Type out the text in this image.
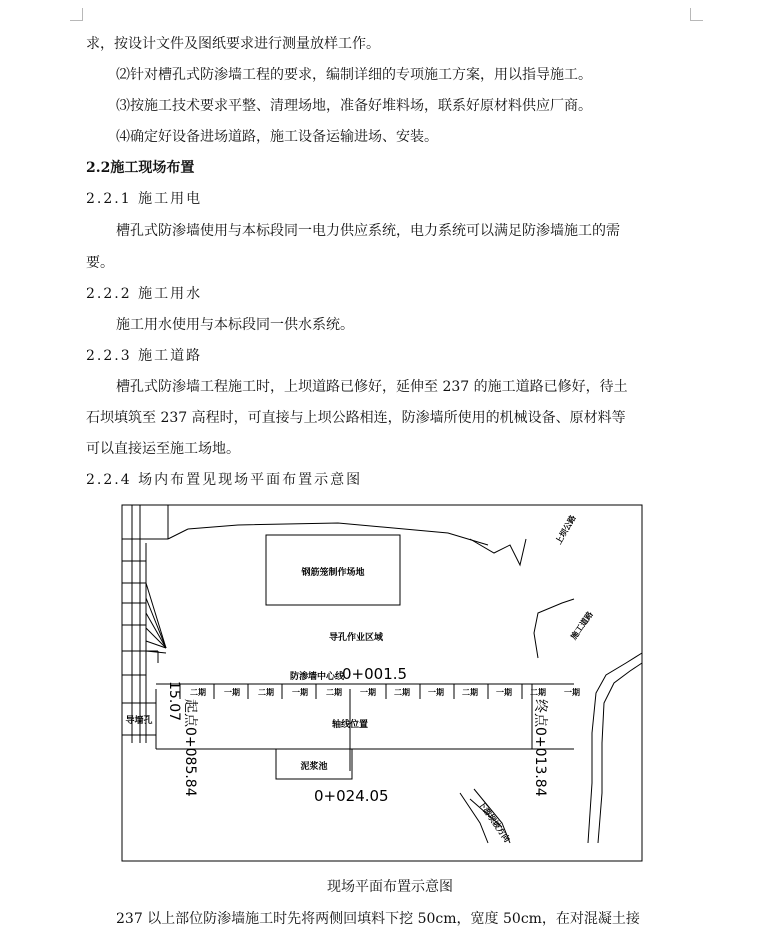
求，按设计文件及图纸要求进行测量放样工作。
⑵针对槽孔式防渗墙工程的要求，编制详细的专项施工方案，用以指导施工。
⑶按施工技术要求平整、清理场地，准备好堆料场，联系好原材料供应厂商。
⑷确定好设备进场道路，施工设备运输进场、安装。
2.2施工现场布置
2.2.1 施工用电
槽孔式防渗墙使用与本标段同一电力供应系统，电力系统可以满足防渗墙施工的需
要。
2.2.2 施工用水
施工用水使用与本标段同一供水系统。
2.2.3 施工道路
槽孔式防渗墙工程施工时，上坝道路已修好，延伸至 237 的施工道路已修好，待土
石坝填筑至 237 高程时，可直接与上坝公路相连，防渗墙所使用的机械设备、原材料等
可以直接运至施工场地。
2.2.4 场内布置见现场平面布置示意图
钢筋笼制作场地
导孔作业区域
防渗墙中心线
0+001.5
轴线位置
泥浆池
导墙孔
0+024.05
15.07 起点0+085.84	终点0+013.84
上坝公路
施工道路
下游坝坡方向
二期 一期 二期 一期 二期 一期 二期 一期 二期 一期 二期 一期
现场平面布置示意图
237 以上部位防渗墙施工时先将两侧回填料下挖 50cm，宽度 50cm，在对混凝土接
